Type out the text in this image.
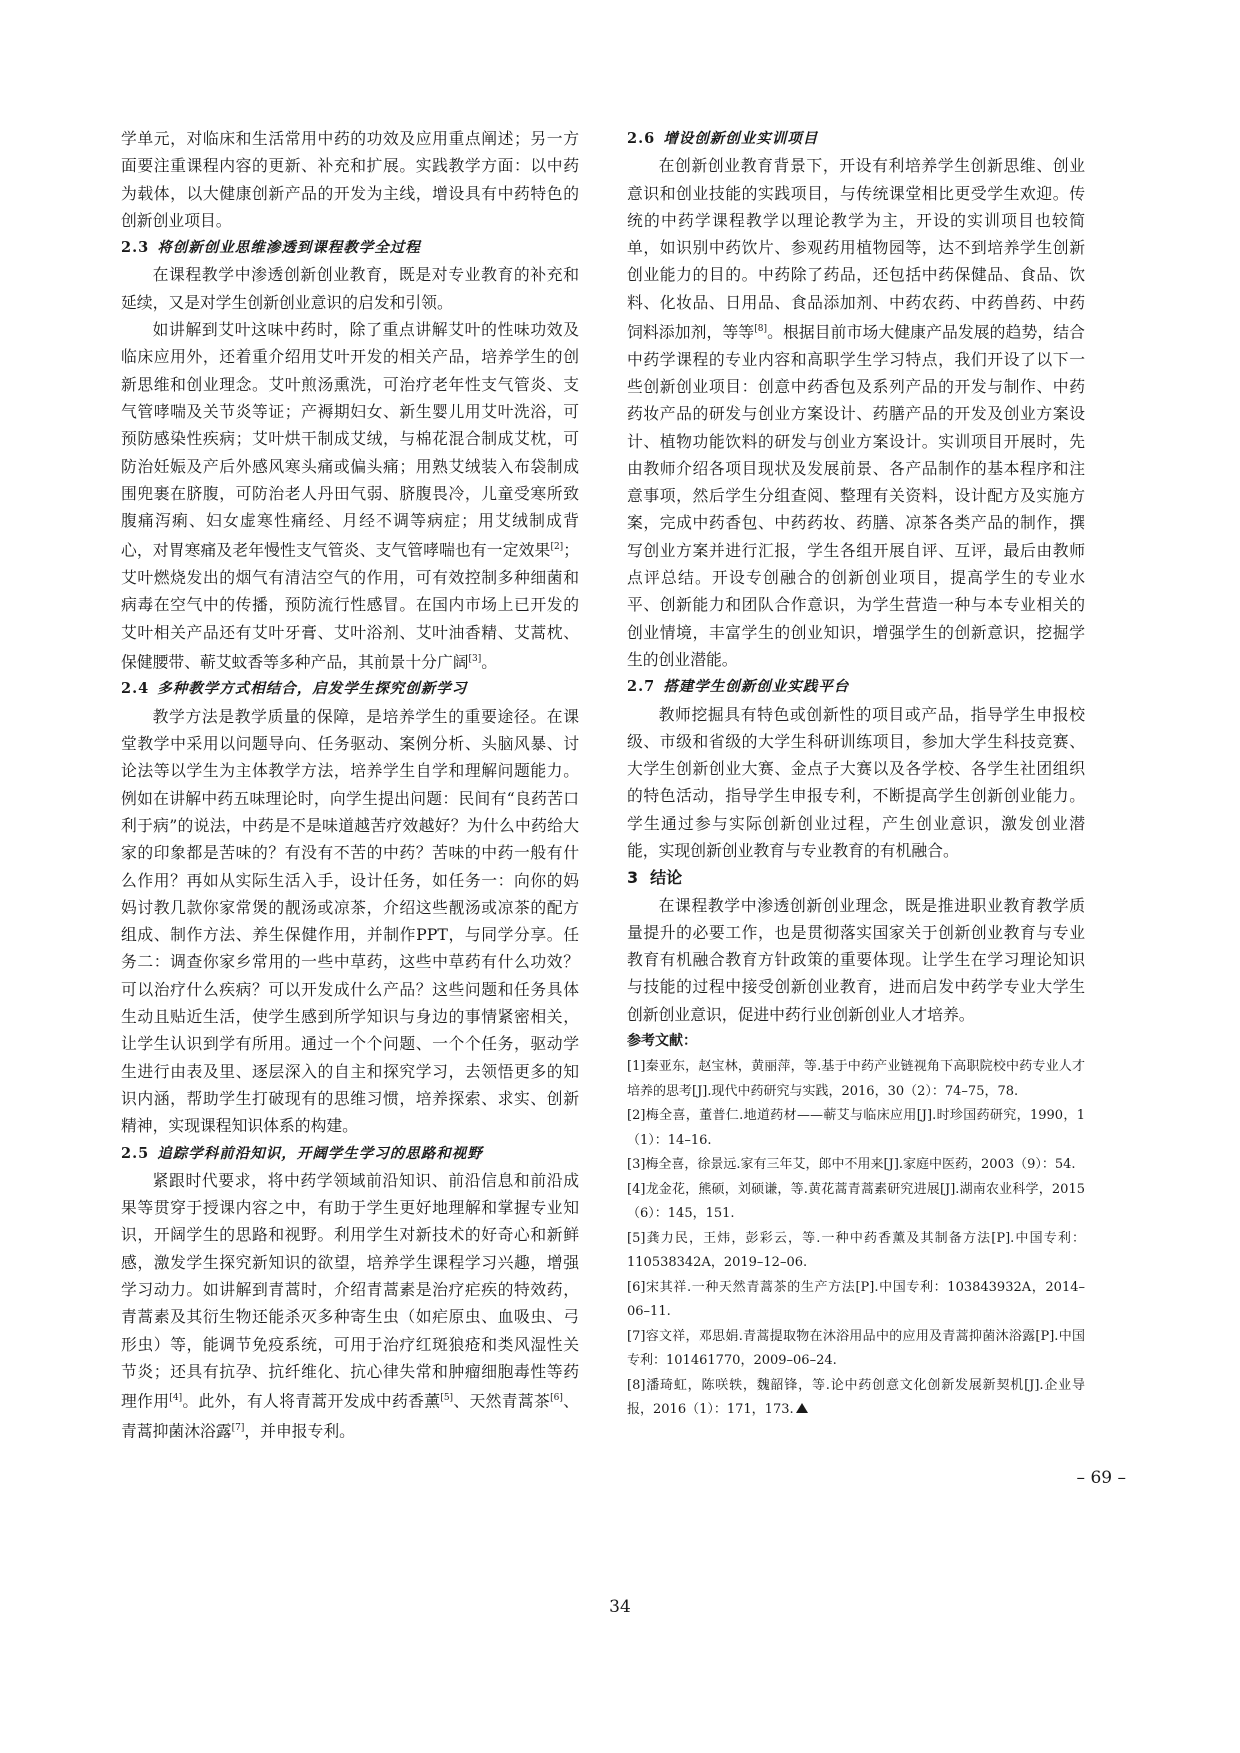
学单元，对临床和生活常用中药的功效及应用重点阐述；另一方面要注重课程内容的更新、补充和扩展。实践教学方面：以中药为载体，以大健康创新产品的开发为主线，增设具有中药特色的创新创业项目。

2.3 将创新创业思维渗透到课程教学全过程

在课程教学中渗透创新创业教育，既是对专业教育的补充和延续，又是对学生创新创业意识的启发和引领。

如讲解到艾叶这味中药时，除了重点讲解艾叶的性味功效及临床应用外，还着重介绍用艾叶开发的相关产品，培养学生的创新思维和创业理念。艾叶煎汤熏洗，可治疗老年性支气管炎、支气管哮喘及关节炎等证；产褥期妇女、新生婴儿用艾叶洗浴，可预防感染性疾病；艾叶烘干制成艾绒，与棉花混合制成艾枕，可防治妊娠及产后外感风寒头痛或偏头痛；用熟艾绒装入布袋制成围兜裹在脐腹，可防治老人丹田气弱、脐腹畏冷，儿童受寒所致腹痛泻痢、妇女虚寒性痛经、月经不调等病症；用艾绒制成背心，对胃寒痛及老年慢性支气管炎、支气管哮喘也有一定效果[2]；艾叶燃烧发出的烟气有清洁空气的作用，可有效控制多种细菌和病毒在空气中的传播，预防流行性感冒。在国内市场上已开发的艾叶相关产品还有艾叶牙膏、艾叶浴剂、艾叶油香精、艾蒿枕、保健腰带、蕲艾蚊香等多种产品，其前景十分广阔[3]。

2.4 多种教学方式相结合，启发学生探究创新学习

教学方法是教学质量的保障，是培养学生的重要途径。在课堂教学中采用以问题导向、任务驱动、案例分析、头脑风暴、讨论法等以学生为主体教学方法，培养学生自学和理解问题能力。例如在讲解中药五味理论时，向学生提出问题：民间有“良药苦口利于病”的说法，中药是不是味道越苦疗效越好？为什么中药给大家的印象都是苦味的？有没有不苦的中药？苦味的中药一般有什么作用？再如从实际生活入手，设计任务，如任务一：向你的妈妈讨教几款你家常煲的靓汤或凉茶，介绍这些靓汤或凉茶的配方组成、制作方法、养生保健作用，并制作PPT，与同学分享。任务二：调查你家乡常用的一些中草药，这些中草药有什么功效？可以治疗什么疾病？可以开发成什么产品？这些问题和任务具体生动且贴近生活，使学生感到所学知识与身边的事情紧密相关，让学生认识到学有所用。通过一个个问题、一个个任务，驱动学生进行由表及里、逐层深入的自主和探究学习，去领悟更多的知识内涵，帮助学生打破现有的思维习惯，培养探索、求实、创新精神，实现课程知识体系的构建。

2.5 追踪学科前沿知识，开阔学生学习的思路和视野

紧跟时代要求，将中药学领域前沿知识、前沿信息和前沿成果等贯穿于授课内容之中，有助于学生更好地理解和掌握专业知识，开阔学生的思路和视野。利用学生对新技术的好奇心和新鲜感，激发学生探究新知识的欲望，培养学生课程学习兴趣，增强学习动力。如讲解到青蒿时，介绍青蒿素是治疗疟疾的特效药，青蒿素及其衍生物还能杀灭多种寄生虫（如疟原虫、血吸虫、弓形虫）等，能调节免疫系统，可用于治疗红斑狼疮和类风湿性关节炎；还具有抗孕、抗纤维化、抗心律失常和肿瘤细胞毒性等药理作用[4]。此外，有人将青蒿开发成中药香薰[5]、天然青蒿茶[6]、青蒿抑菌沐浴露[7]，并申报专利。

2.6 增设创新创业实训项目

在创新创业教育背景下，开设有利培养学生创新思维、创业意识和创业技能的实践项目，与传统课堂相比更受学生欢迎。传统的中药学课程教学以理论教学为主，开设的实训项目也较简单，如识别中药饮片、参观药用植物园等，达不到培养学生创新创业能力的目的。中药除了药品，还包括中药保健品、食品、饮料、化妆品、日用品、食品添加剂、中药农药、中药兽药、中药饲料添加剂，等等[8]。根据目前市场大健康产品发展的趋势，结合中药学课程的专业内容和高职学生学习特点，我们开设了以下一些创新创业项目：创意中药香包及系列产品的开发与制作、中药药妆产品的研发与创业方案设计、药膳产品的开发及创业方案设计、植物功能饮料的研发与创业方案设计。实训项目开展时，先由教师介绍各项目现状及发展前景、各产品制作的基本程序和注意事项，然后学生分组查阅、整理有关资料，设计配方及实施方案，完成中药香包、中药药妆、药膳、凉茶各类产品的制作，撰写创业方案并进行汇报，学生各组开展自评、互评，最后由教师点评总结。开设专创融合的创新创业项目，提高学生的专业水平、创新能力和团队合作意识，为学生营造一种与本专业相关的创业情境，丰富学生的创业知识，增强学生的创新意识，挖掘学生的创业潜能。

2.7 搭建学生创新创业实践平台

教师挖掘具有特色或创新性的项目或产品，指导学生申报校级、市级和省级的大学生科研训练项目，参加大学生科技竞赛、大学生创新创业大赛、金点子大赛以及各学校、各学生社团组织的特色活动，指导学生申报专利，不断提高学生创新创业能力。学生通过参与实际创新创业过程，产生创业意识，激发创业潜能，实现创新创业教育与专业教育的有机融合。

3 结论

在课程教学中渗透创新创业理念，既是推进职业教育教学质量提升的必要工作，也是贯彻落实国家关于创新创业教育与专业教育有机融合教育方针政策的重要体现。让学生在学习理论知识与技能的过程中接受创新创业教育，进而启发中药学专业大学生创新创业意识，促进中药行业创新创业人才培养。

参考文献：
[1]秦亚东，赵宝林，黄丽萍，等.基于中药产业链视角下高职院校中药专业人才培养的思考[J].现代中药研究与实践，2016，30（2）：74–75，78.
[2]梅全喜，董普仁.地道药材——蕲艾与临床应用[J].时珍国药研究，1990，1（1）：14–16.
[3]梅全喜，徐景远.家有三年艾，郎中不用来[J].家庭中医药，2003（9）：54.
[4]龙金花，熊硕，刘硕谦，等.黄花蒿青蒿素研究进展[J].湖南农业科学，2015（6）：145，151.
[5]龚力民，王炜，彭彩云，等.一种中药香薰及其制备方法[P].中国专利：110538342A，2019–12–06.
[6]宋其祥.一种天然青蒿茶的生产方法[P].中国专利：103843932A，2014–06–11.
[7]容文祥，邓思娟.青蒿提取物在沐浴用品中的应用及青蒿抑菌沐浴露[P].中国专利：101461770，2009–06–24.
[8]潘琦虹，陈咲轶，魏韶锋，等.论中药创意文化创新发展新契机[J].企业导报，2016（1）：171，173.
– 69 –
34
